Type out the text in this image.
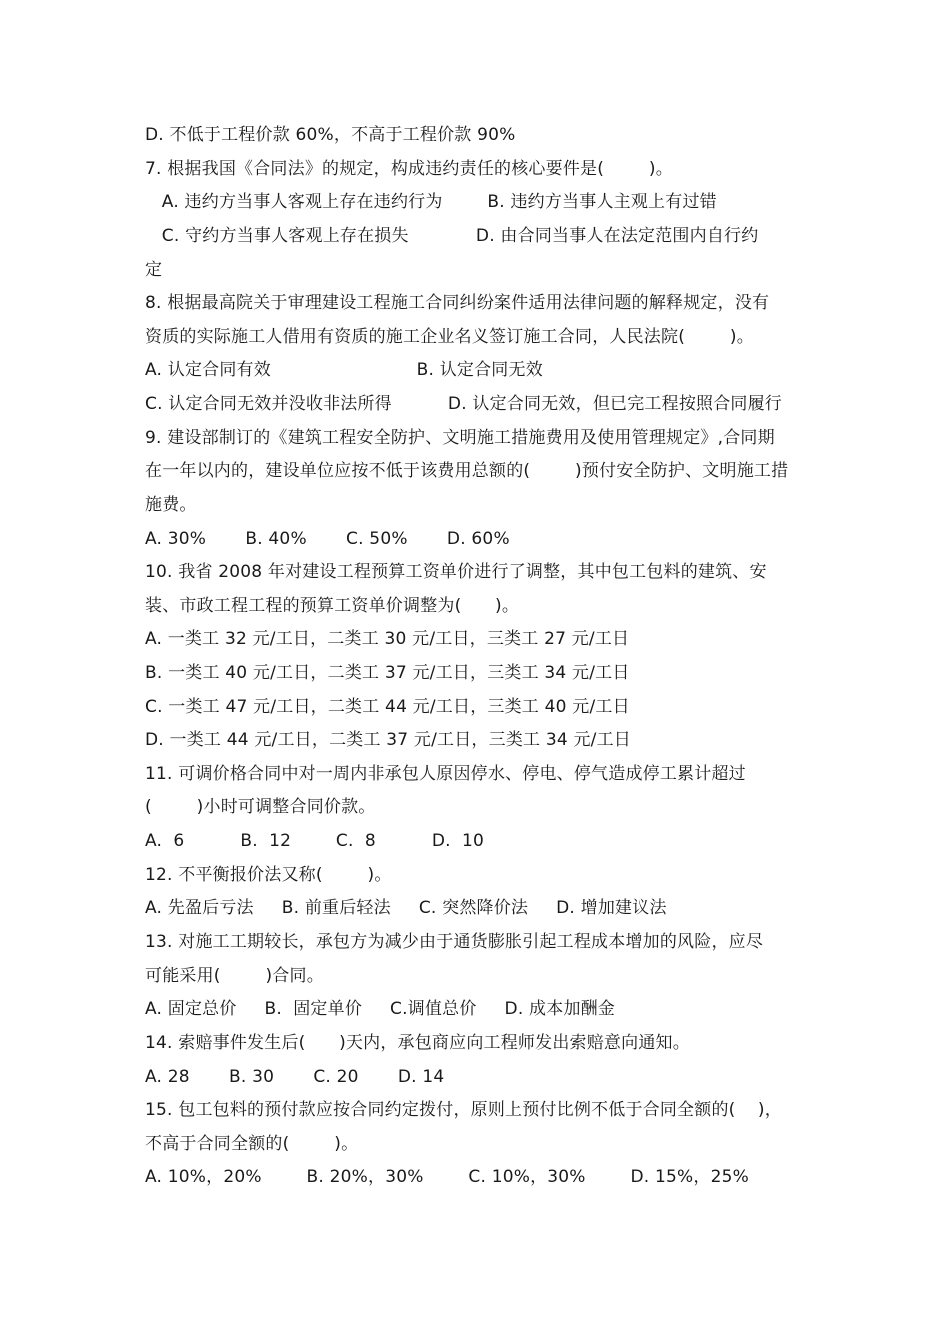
D. 不低于工程价款 60%，不高于工程价款 90%
7. 根据我国《合同法》的规定，构成违约责任的核心要件是(        )。
A. 违约方当事人客观上存在违约行为        B. 违约方当事人主观上有过错
C. 守约方当事人客观上存在损失            D. 由合同当事人在法定范围内自行约
定
8. 根据最高院关于审理建设工程施工合同纠纷案件适用法律问题的解释规定，没有
资质的实际施工人借用有资质的施工企业名义签订施工合同，人民法院(        )。
A. 认定合同有效                          B. 认定合同无效
C. 认定合同无效并没收非法所得          D. 认定合同无效，但已完工程按照合同履行
9. 建设部制订的《建筑工程安全防护、文明施工措施费用及使用管理规定》,合同期
在一年以内的，建设单位应按不低于该费用总额的(        )预付安全防护、文明施工措
施费。
A. 30%       B. 40%       C. 50%       D. 60%
10. 我省 2008 年对建设工程预算工资单价进行了调整，其中包工包料的建筑、安
装、市政工程工程的预算工资单价调整为(      )。
A. 一类工 32 元/工日，二类工 30 元/工日，三类工 27 元/工日
B. 一类工 40 元/工日，二类工 37 元/工日，三类工 34 元/工日
C. 一类工 47 元/工日，二类工 44 元/工日，三类工 40 元/工日
D. 一类工 44 元/工日，二类工 37 元/工日，三类工 34 元/工日
11. 可调价格合同中对一周内非承包人原因停水、停电、停气造成停工累计超过
(        )小时可调整合同价款。
A.  6          B.  12        C.  8          D.  10
12. 不平衡报价法又称(        )。
A. 先盈后亏法     B. 前重后轻法     C. 突然降价法     D. 增加建议法
13. 对施工工期较长，承包方为减少由于通货膨胀引起工程成本增加的风险，应尽
可能采用(        )合同。
A. 固定总价     B.  固定单价     C.调值总价     D. 成本加酬金
14. 索赔事件发生后(      )天内，承包商应向工程师发出索赔意向通知。
A. 28       B. 30       C. 20       D. 14
15. 包工包料的预付款应按合同约定拨付，原则上预付比例不低于合同全额的(    )，
不高于合同全额的(        )。
A. 10%，20%        B. 20%，30%        C. 10%，30%        D. 15%，25%
